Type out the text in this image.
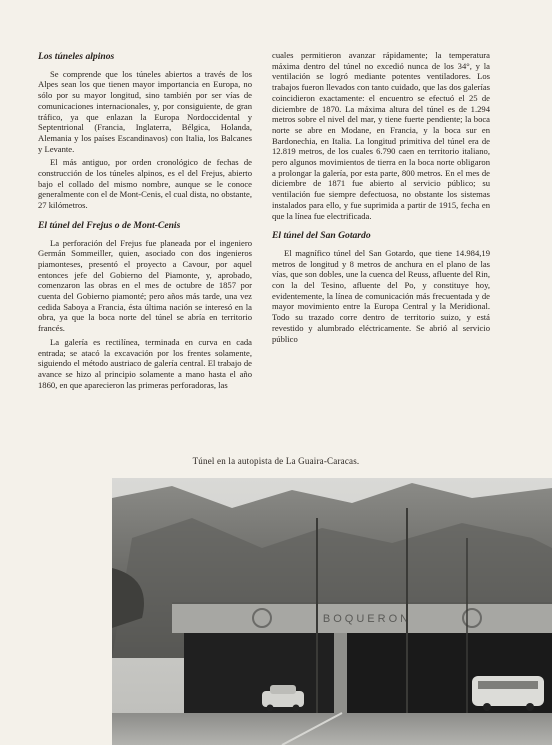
Los túneles alpinos

Se comprende que los túneles abiertos a través de los Alpes sean los que tienen mayor importancia en Europa, no sólo por su mayor longitud, sino también por ser vías de comunicaciones internacionales, y, por consiguiente, de gran tráfico, ya que enlazan la Europa Nordoccidental y Septentrional (Francia, Inglaterra, Bélgica, Holanda, Alemania y los países Escandinavos) con Italia, los Balcanes y Levante.

El más antiguo, por orden cronológico de fechas de construcción de los túneles alpinos, es el del Frejus, abierto bajo el collado del mismo nombre, aunque se le conoce generalmente con el de Mont-Cenis, el cual dista, no obstante, 27 kilómetros.

El túnel del Frejus o de Mont-Cenis

La perforación del Frejus fue planeada por el ingeniero Germán Sommeiller, quien, asociado con dos ingenieros piamonteses, presentó el proyecto a Cavour, por aquel entonces jefe del Gobierno del Piamonte, y, aprobado, comenzaron las obras en el mes de octubre de 1857 por cuenta del Gobierno piamonté; pero años más tarde, una vez cedida Saboya a Francia, ésta última nación se interesó en la obra, ya que la boca norte del túnel se abría en territorio francés.

La galería es rectilínea, terminada en curva en cada entrada; se atacó la excavación por los frentes solamente, siguiendo el método austriaco de galería central. El trabajo de avance se hizo al principio solamente a mano hasta el año 1860, en que aparecieron las primeras perforadoras, las

cuales permitieron avanzar rápidamente; la temperatura máxima dentro del túnel no excedió nunca de los 34°, y la ventilación se logró mediante potentes ventiladores. Los trabajos fueron llevados con tanto cuidado, que las dos galerías coincidieron exactamente: el encuentro se efectuó el 25 de diciembre de 1870. La máxima altura del túnel es de 1.294 metros sobre el nivel del mar, y tiene fuerte pendiente; la boca norte se abre en Modane, en Francia, y la boca sur en Bardonechia, en Italia. La longitud primitiva del túnel era de 12.819 metros, de los cuales 6.790 caen en territorio italiano, pero algunos movimientos de tierra en la boca norte obligaron a prolongar la galería, por esta parte, 800 metros. En el mes de diciembre de 1871 fue abierto al servicio público; su ventilación fue siempre defectuosa, no obstante los sistemas instalados para ello, y fue suprimida a partir de 1915, fecha en que la línea fue electrificada.

El túnel del San Gotardo

El magnífico túnel del San Gotardo, que tiene 14.984,19 metros de longitud y 8 metros de anchura en el plano de las vías, que son dobles, une la cuenca del Reuss, afluente del Rin, con la del Tesino, afluente del Po, y constituye hoy, evidentemente, la línea de comunicación más frecuentada y de mayor movimiento entre la Europa Central y la Meridional. Todo su trazado corre dentro de territorio suizo, y está revestido y alumbrado eléctricamente. Se abrió al servicio público

Túnel en la autopista de La Guaira-Caracas.
BOQUERON
